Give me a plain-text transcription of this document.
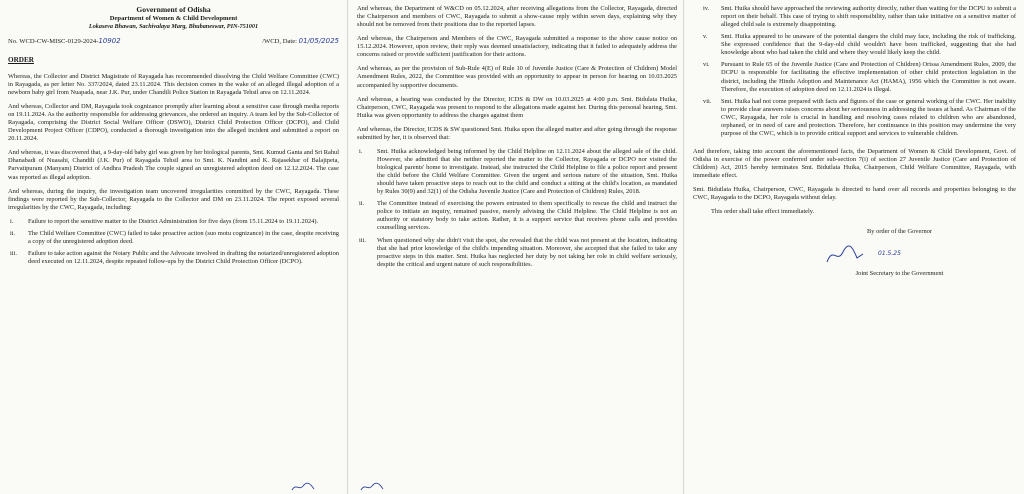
Government of Odisha
Department of Women & Child Development
Lokaseva Bhawan, Sachivalaya Marg, Bhubaneswar, PIN-751001
No. WCD-CW-MISC-0129-2024-10902	/WCD, Date: 01/05/2025
ORDER

Whereas, the Collector and District Magistrate of Rayagada has recommended dissolving the Child Welfare Committee (CWC) in Rayagada, as per letter No. 337/2024, dated 23.11.2024. This decision comes in the wake of an alleged illegal adoption of a newborn baby girl from Nuapada, near J.K. Pur, under Chandili Police Station in Rayagada Tehsil area on 12.11.2024.

And whereas, Collector and DM, Rayagada took cognizance promptly after learning about a sensitive case through media reports on 19.11.2024. As the authority responsible for addressing grievances, she ordered an inquiry. A team led by the Sub-Collector of Rayagada, comprising the District Social Welfare Officer (DSWO), District Child Protection Officer (DCPO), and Child Development Project Officer (CDPO), conducted a thorough investigation into the alleged incident and submitted a report on 20.11.2024.

And whereas, it was discovered that, a 9-day-old baby girl was given by her biological parents, Smt. Kumud Ganta and Sri Rahul Dhanabadi of Nuasahi, Chandili (J.K. Pur) of Rayagada Tehsil area to Smt. K. Nandini and K. Rajasekhar of Balajipeta, Parvatipuram (Manyam) District of Andhra Pradesh The couple signed an unregistered adoption deed on 12.12.2024. The case was reported as illegal adoption.

And whereas, during the inquiry, the investigation team uncovered irregularities committed by the CWC, Rayagada. These findings were reported by the Sub-Collector, Rayagada to the Collector and DM on 23.11.2024. The report exposed several irregularities by the CWC, Rayagada, including:

i. Failure to report the sensitive matter to the District Administration for five days (from 15.11.2024 to 19.11.2024).
ii. The Child Welfare Committee (CWC) failed to take proactive action (suo motu cognizance) in the case, despite receiving a copy of the unregistered adoption deed.
iii. Failure to take action against the Notary Public and the Advocate involved in drafting the notarized/unregistered adoption deed executed on 12.11.2024, despite repeated follow-ups by the District Child Protection Officer (DCPO).

And whereas, the Department of W&CD on 05.12.2024, after receiving allegations from the Collector, Rayagada, directed the Chairperson and members of CWC, Rayagada to submit a show-cause reply within seven days, explaining why they should not be removed from their positions due to the reported lapses.

And whereas, the Chairperson and Members of the CWC, Rayagada submitted a response to the show cause notice on 15.12.2024. However, upon review, their reply was deemed unsatisfactory, indicating that it failed to adequately address the concerns raised or provide sufficient justification for their actions.

And whereas, as per the provision of Sub-Rule 4(E) of Rule 10 of Juvenile Justice (Care & Protection of Children) Model Amendment Rules, 2022, the Committee was provided with an opportunity to appear in person for hearing on 10.03.2025 accompanied by supportive documents.

And whereas, a hearing was conducted by the Director, ICDS & DW on 10.03.2025 at 4:00 p.m. Smt. Bidulata Huika, Chairperson, CWC, Rayagada was present to respond to the allegations made against her. During this personal hearing, Smt. Huika was given opportunity to address the charges against them

And whereas, the Director, ICDS & SW questioned Smt. Huika upon the alleged matter and after going through the response submitted by her, it is observed that:

i. Smt. Huika acknowledged being informed by the Child Helpline on 12.11.2024 about the alleged sale of the child. However, she admitted that she neither reported the matter to the Collector, Rayagada or DCPO nor visited the biological parents' home to investigate. Instead, she instructed the Child Helpline to file a police report and present the child before the Child Welfare Committee. Given the urgent and serious nature of the situation, Smt. Huika should have taken proactive steps to reach out to the child and conduct a sitting at the child's location, as mandated by Rules 30(9) and 32(1) of the Odisha Juvenile Justice (Care and Protection of Children) Rules, 2018.
ii. The Committee instead of exercising the powers entrusted to them specifically to rescue the child and instruct the police to initiate an inquiry, remained passive, merely advising the Child Helpline. The Child Helpline is not an authority or statutory body to take action. Rather, it is a support service that receives phone calls and provides counselling services.
iii. When questioned why she didn't visit the spot, she revealed that the child was not present at the location, indicating that she had prior knowledge of the child's impending situation. Moreover, she accepted that she failed to take any proactive steps in this matter. Smt. Huika has neglected her duty by not taking her role in child welfare seriously, despite the critical and urgent nature of such responsibilities.
iv. Smt. Huika should have approached the reviewing authority directly, rather than waiting for the DCPU to submit a report on their behalf. This case of trying to shift responsibility, rather than take initiative on a sensitive matter of alleged child sale is extremely disappointing.
v. Smt. Huika appeared to be unaware of the potential dangers the child may face, including the risk of trafficking. She expressed confidence that the 9-day-old child wouldn't have been trafficked, suggesting that she had knowledge about who had taken the child and where they would likely keep the child.
vi. Pursuant to Rule 65 of the Juvenile Justice (Care and Protection of Children) Orissa Amendment Rules, 2009, the DCPU is responsible for facilitating the effective implementation of other child protection legislation in the district, including the Hindu Adoption and Maintenance Act (HAMA), 1956 which the Committee is not aware. Therefore, the execution of adoption deed on 12.11.2024 is illegal.
vii. Smt. Huika had not come prepared with facts and figures of the case or general working of the CWC. Her inability to provide clear answers raises concerns about her seriousness in addressing the issues at hand. As Chairman of the CWC, Rayagada, her role is crucial in handling and resolving cases related to children who are abandoned, orphaned, or in need of care and protection. Therefore, her continuance in this position may undermine the very purpose of the CWC, which is to provide critical support and services to vulnerable children.

And therefore, taking into account the aforementioned facts, the Department of Women & Child Development, Govt. of Odisha in exercise of the power conferred under sub-section 7(i) of section 27 Juvenile Justice (Care and Protection of Children) Act, 2015 hereby terminates Smt. Bidutlata Huika, Chairperson, Child Welfare Committee, Rayagada, with immediate effect.

Smt. Bidutlata Huika, Chairperson, CWC, Rayagada is directed to hand over all records and properties belonging to the CWC, Rayagada to the DCPO, Rayagada without delay.

This order shall take effect immediately.

By order of the Governor
01.5.25
Joint Secretary to the Government
